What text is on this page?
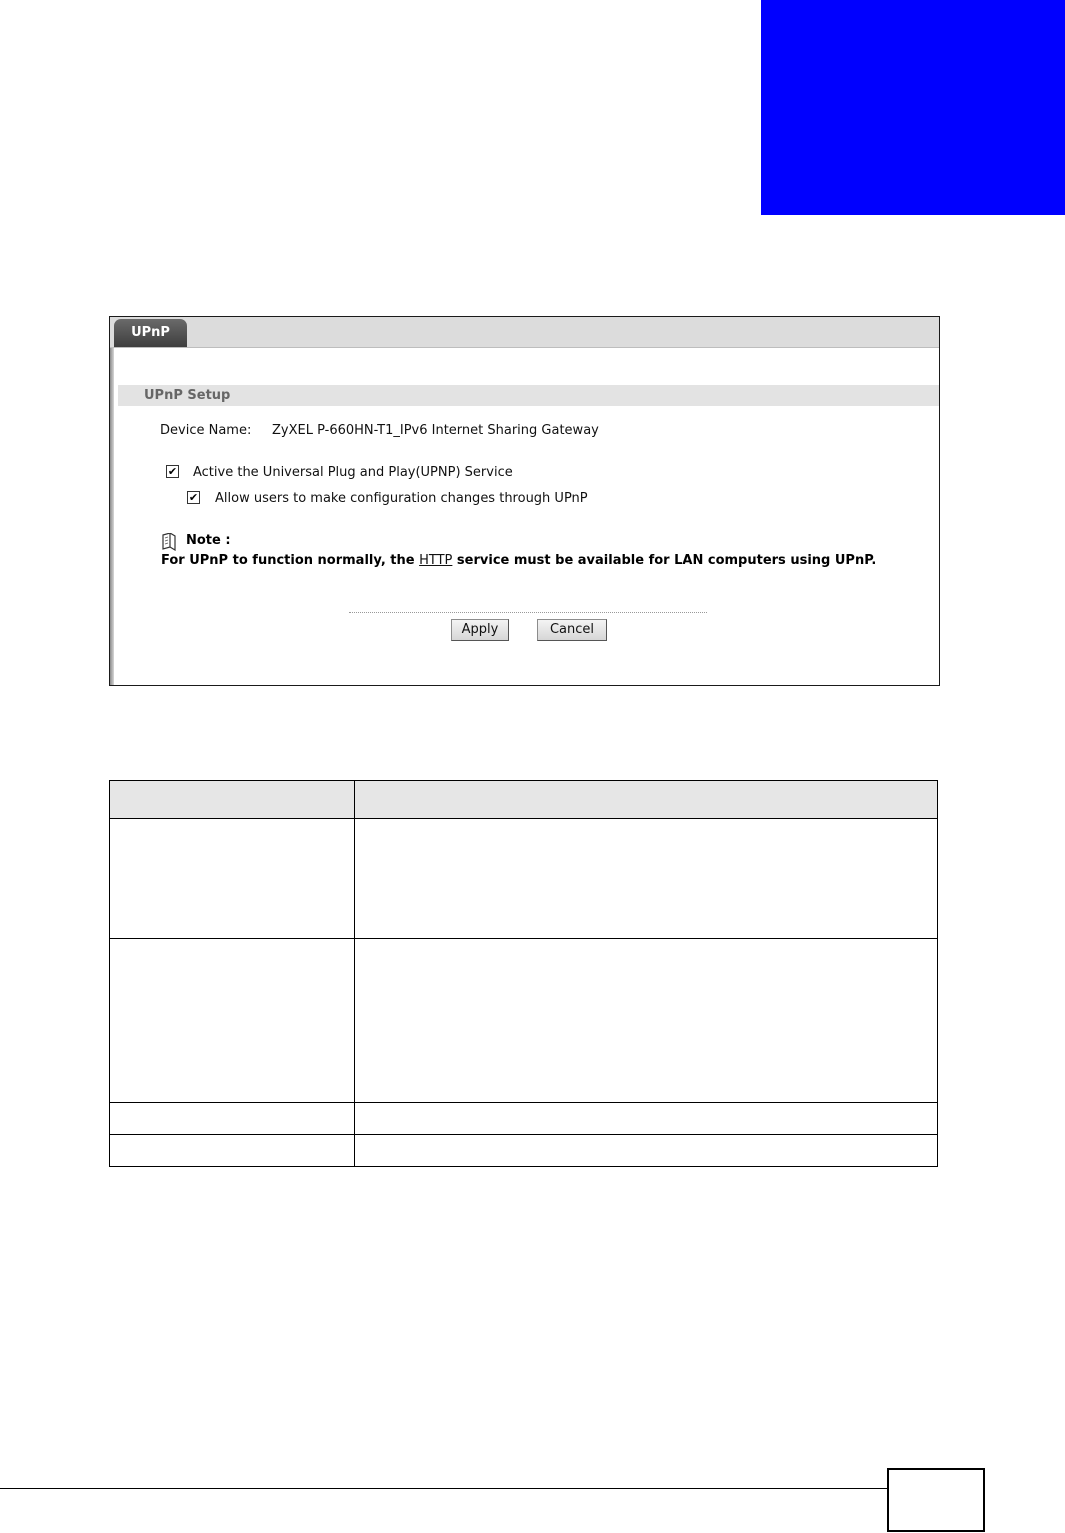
UPnP
UPnP Setup
Device Name: ZyXEL P-660HN-T1_IPv6 Internet Sharing Gateway
✔ Active the Universal Plug and Play(UPNP) Service
✔ Allow users to make configuration changes through UPnP
Note :
For UPnP to function normally, the HTTP service must be available for LAN computers using UPnP.
Apply	Cancel
